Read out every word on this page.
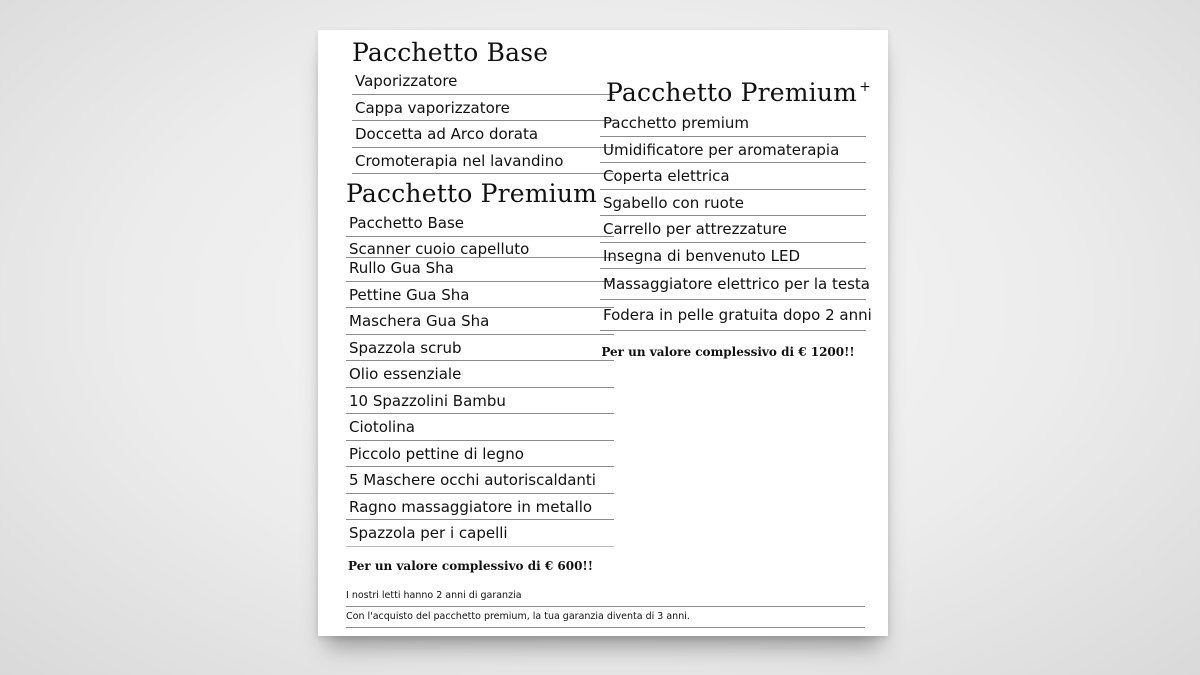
Pacchetto Base
Vaporizzatore
Cappa vaporizzatore
Doccetta ad Arco dorata
Cromoterapia nel lavandino
Pacchetto Premium
Pacchetto Base
Scanner cuoio capelluto
Rullo Gua Sha
Pettine Gua Sha
Maschera Gua Sha
Spazzola scrub
Olio essenziale
10 Spazzolini Bambu
Ciotolina
Piccolo pettine di legno
5 Maschere occhi autoriscaldanti
Ragno massaggiatore in metallo
Spazzola per i capelli
Per un valore complessivo di € 600!!
Pacchetto Premium +
Pacchetto premium
Umidificatore per aromaterapia
Coperta elettrica
Sgabello con ruote
Carrello per attrezzature
Insegna di benvenuto LED
Massaggiatore elettrico per la testa
Fodera in pelle gratuita dopo 2 anni
Per un valore complessivo di € 1200!!
I nostri letti hanno 2 anni di garanzia
Con l'acquisto del pacchetto premium, la tua garanzia diventa di 3 anni.
